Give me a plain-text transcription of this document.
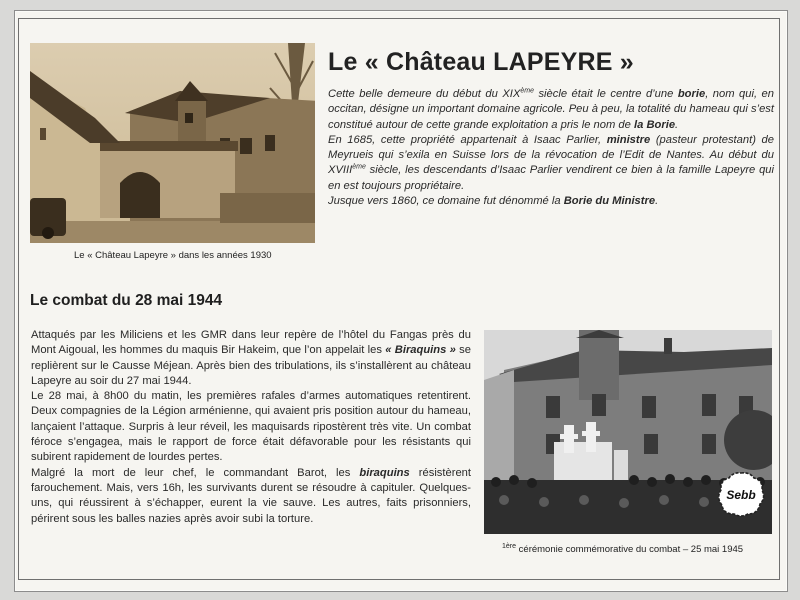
Le « Château Lapeyre » dans les années 1930

Le « Château LAPEYRE »

Cette belle demeure du début du XIXème siècle était le centre d’une borie, nom qui, en occitan, désigne un important domaine agricole. Peu à peu, la totalité du hameau qui s’est constitué autour de cette grande exploitation a pris le nom de la Borie.

En 1685, cette propriété appartenait à Isaac Parlier, ministre (pasteur protestant) de Meyrueis qui s’exila en Suisse lors de la révocation de l’Edit de Nantes. Au début du XVIIIème siècle, les descendants d’Isaac Parlier vendirent ce bien à la famille Lapeyre qui en est toujours propriétaire.

Jusque vers 1860, ce domaine fut dénommé la Borie du Ministre.

Le combat du 28 mai 1944

Attaqués par les Miliciens et les GMR dans leur repère de l’hôtel du Fangas près du Mont Aigoual, les hommes du maquis Bir Hakeim, que l’on appelait les « Biraquins » se replièrent sur le Causse Méjean. Après bien des tribulations, ils s’installèrent au château Lapeyre au soir du 27 mai 1944.

Le 28 mai, à 8h00 du matin, les premières rafales d’armes automatiques retentirent. Deux compagnies de la Légion arménienne, qui avaient pris position autour du hameau, lançaient l’attaque. Surpris à leur réveil, les maquisards ripostèrent très vite. Un combat féroce s’engagea, mais le rapport de force était défavorable pour les résistants qui subirent rapidement de lourdes pertes.

Malgré la mort de leur chef, le commandant Barot, les biraquins résistèrent farouchement. Mais, vers 16h, les survivants durent se résoudre à capituler. Quelques-uns, qui réussirent à s’échapper, eurent la vie sauve. Les autres, faits prisonniers, périrent sous les balles nazies après avoir subi la torture.

$^{1ère}$ cérémonie commémorative du combat – 25 mai 1945

Sebb
